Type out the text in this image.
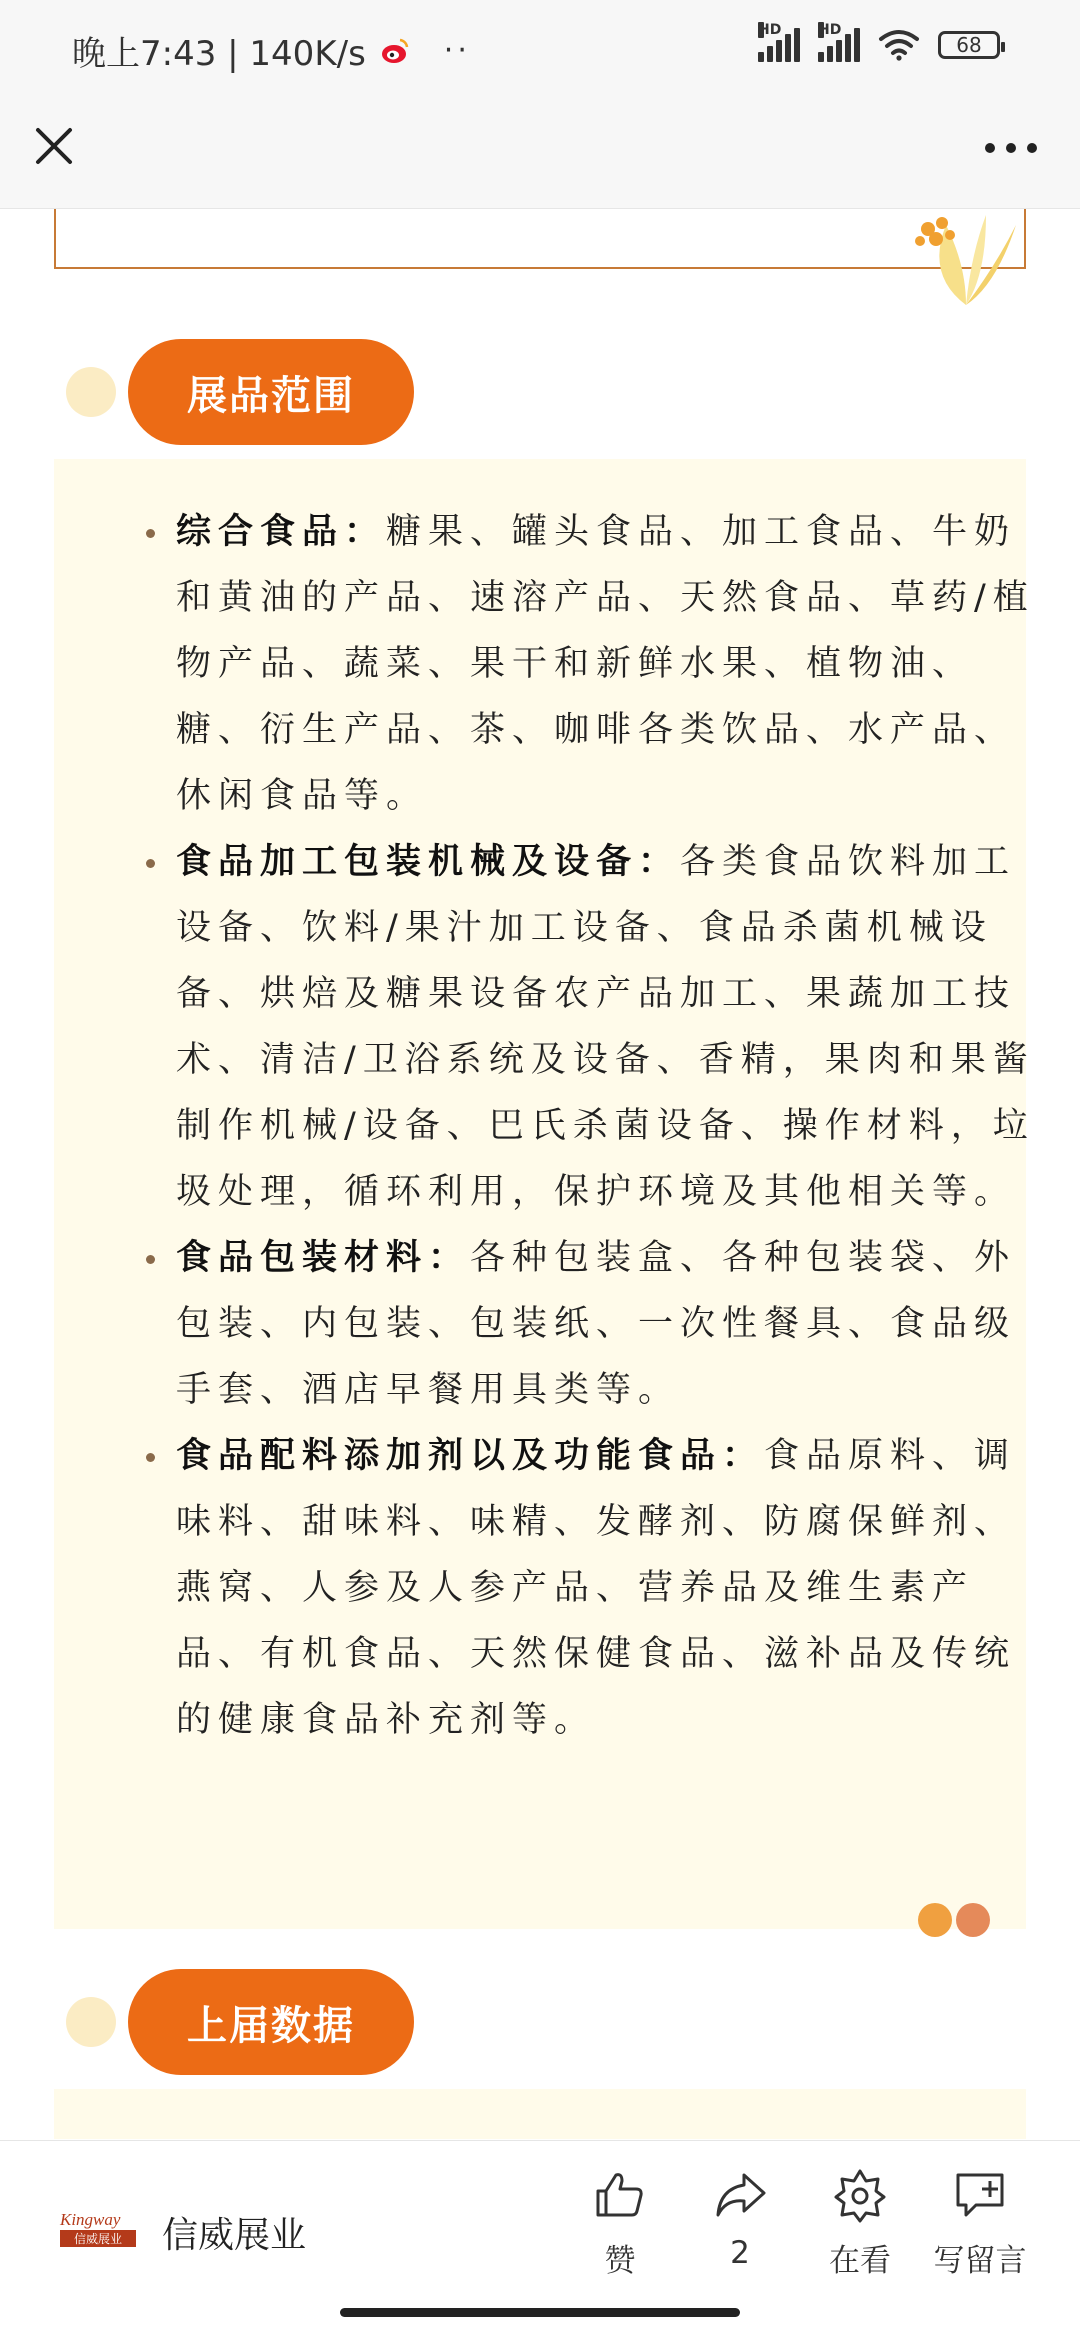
晚上7:43 | 140K/s	··
HD	HD
68
展品范围
综合食品：糖果、罐头食品、加工食品、牛奶和黄油的产品、速溶产品、天然食品、草药/植物产品、蔬菜、果干和新鲜水果、植物油、糖、衍生产品、茶、咖啡各类饮品、水产品、休闲食品等。
食品加工包装机械及设备：各类食品饮料加工设备、饮料/果汁加工设备、食品杀菌机械设备、烘焙及糖果设备农产品加工、果蔬加工技术、清洁/卫浴系统及设备、香精，果肉和果酱制作机械/设备、巴氏杀菌设备、操作材料，垃圾处理，循环利用，保护环境及其他相关等。
食品包装材料：各种包装盒、各种包装袋、外包装、内包装、包装纸、一次性餐具、食品级手套、酒店早餐用具类等。
食品配料添加剂以及功能食品：食品原料、调味料、甜味料、味精、发酵剂、防腐保鲜剂、燕窝、人参及人参产品、营养品及维生素产品、有机食品、天然保健食品、滋补品及传统的健康食品补充剂等。
上届数据
Kingway
信威展业 信威展业
赞	2	在看 写留言
